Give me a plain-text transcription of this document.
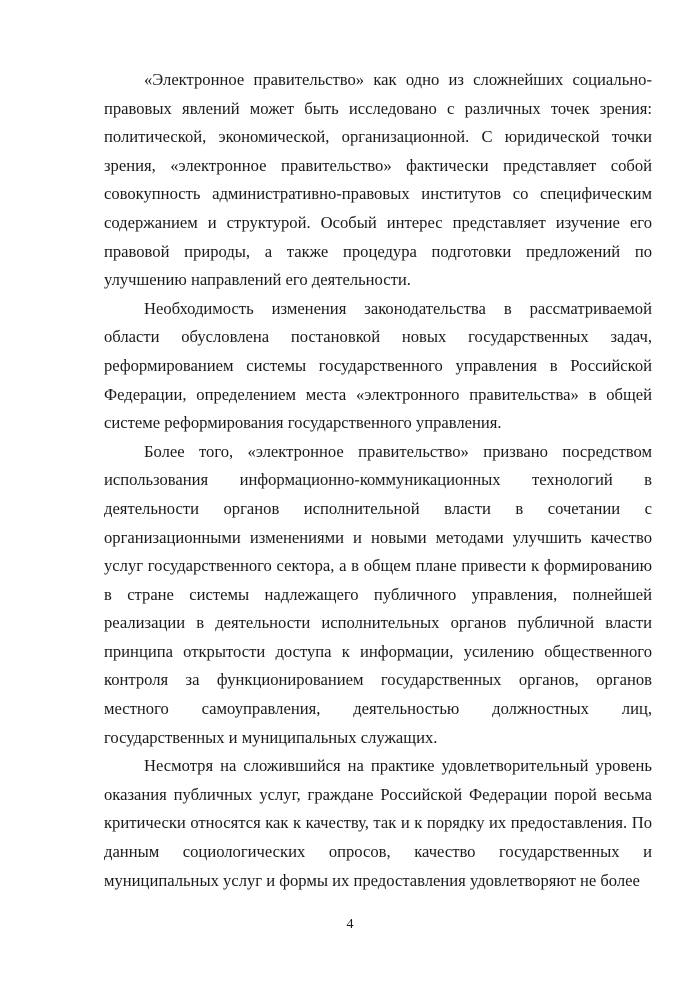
«Электронное правительство» как одно из сложнейших социально-правовых явлений может быть исследовано с различных точек зрения: политической, экономической, организационной. С юридической точки зрения, «электронное правительство» фактически представляет собой совокупность административно-правовых институтов со специфическим содержанием и структурой. Особый интерес представляет изучение его правовой природы, а также процедура подготовки предложений по улучшению направлений его деятельности.

Необходимость изменения законодательства в рассматриваемой области обусловлена постановкой новых государственных задач, реформированием системы государственного управления в Российской Федерации, определением места «электронного правительства» в общей системе реформирования государственного управления.

Более того, «электронное правительство» призвано посредством использования информационно-коммуникационных технологий в деятельности органов исполнительной власти в сочетании с организационными изменениями и новыми методами улучшить качество услуг государственного сектора, а в общем плане привести к формированию в стране системы надлежащего публичного управления, полнейшей реализации в деятельности исполнительных органов публичной власти принципа открытости доступа к информации, усилению общественного контроля за функционированием государственных органов, органов местного самоуправления, деятельностью должностных лиц, государственных и муниципальных служащих.

Несмотря на сложившийся на практике удовлетворительный уровень оказания публичных услуг, граждане Российской Федерации порой весьма критически относятся как к качеству, так и к порядку их предоставления. По данным социологических опросов, качество государственных и муниципальных услуг и формы их предоставления удовлетворяют не более

4
